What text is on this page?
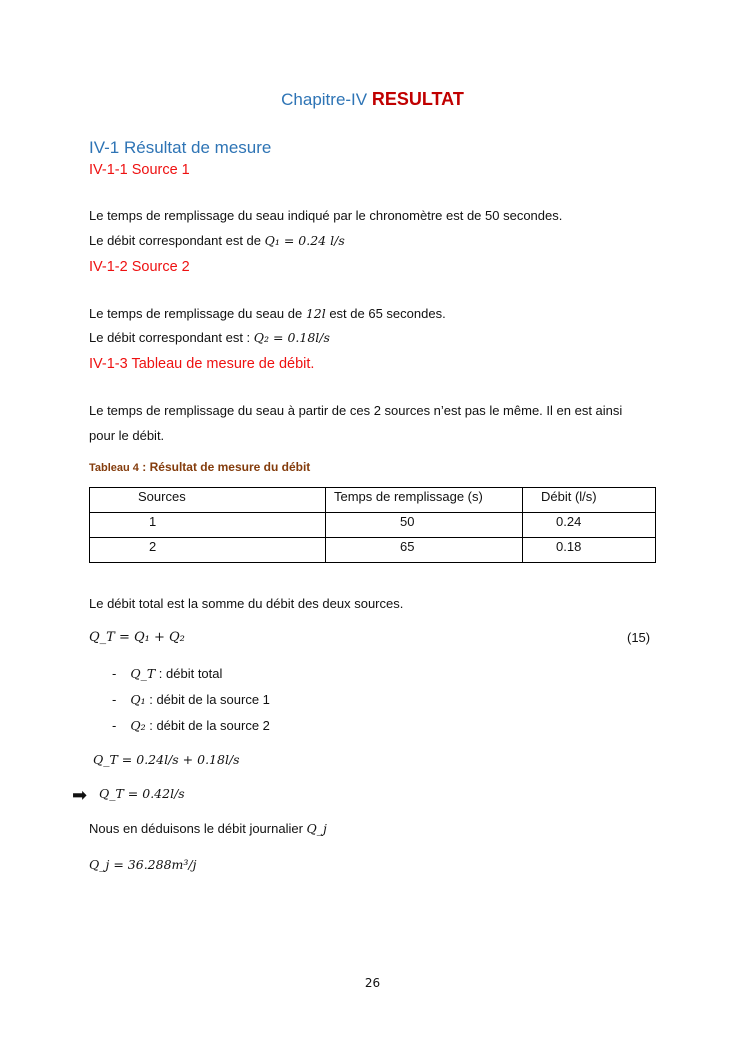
Chapitre-IV RESULTAT
IV-1 Résultat de mesure
IV-1-1 Source 1
Le temps de remplissage du seau indiqué par le chronomètre est de 50 secondes.
Le débit correspondant est de Q₁ = 0.24 l/s
IV-1-2 Source 2
Le temps de remplissage du seau de 12l est de 65 secondes.
Le débit correspondant est : Q₂ = 0.18l/s
IV-1-3 Tableau de mesure de débit.
Le temps de remplissage du seau à partir de ces 2 sources n’est pas le même. Il en est ainsi
pour le débit.
Tableau 4 : Résultat de mesure du débit
Sources	Temps de remplissage (s)	Débit (l/s)
1	50	0.24
2	65	0.18
Le débit total est la somme du débit des deux sources.
Q_T = Q₁ + Q₂	(15)
- Q_T : débit total
- Q₁ : débit de la source 1
- Q₂ : débit de la source 2
Q_T = 0.24l/s + 0.18l/s
➡ Q_T = 0.42l/s
Nous en déduisons le débit journalier Q_j
Q_j = 36.288m³/j
26
